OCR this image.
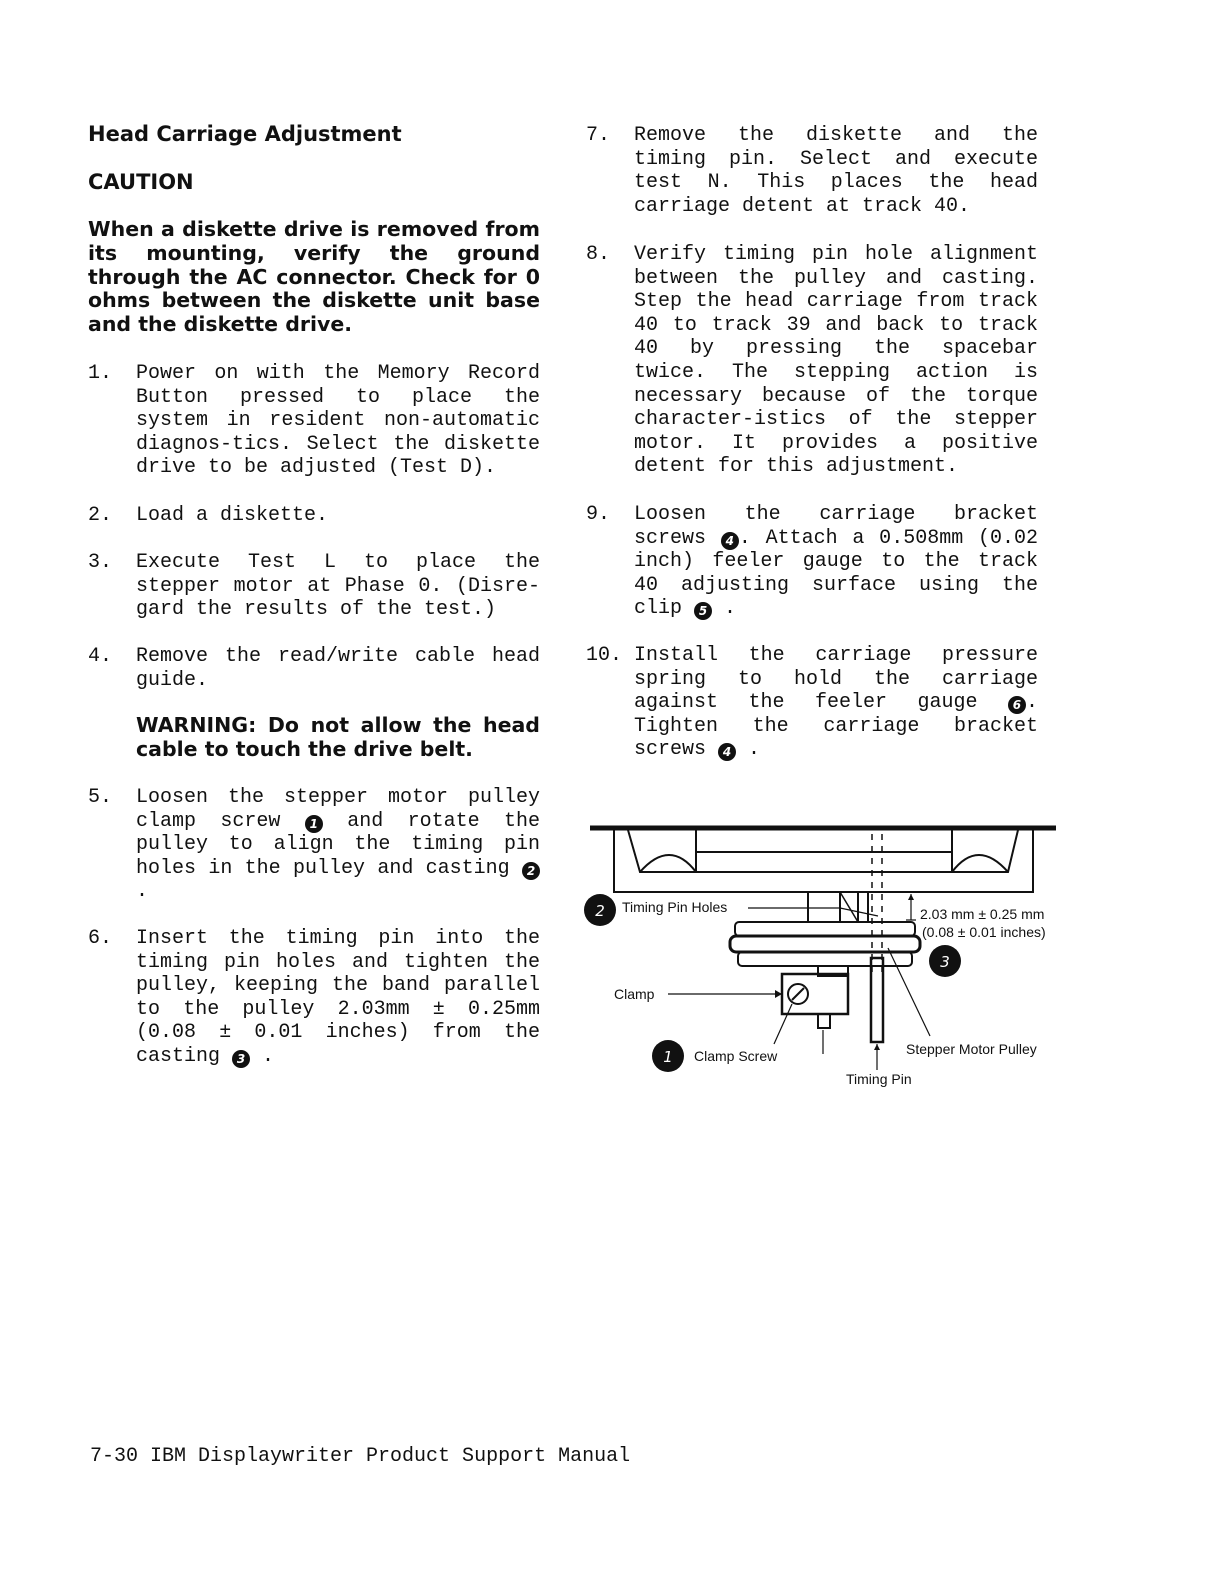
Head Carriage Adjustment
CAUTION
When a diskette drive is removed from its mounting, verify the ground through the AC connector. Check for 0 ohms between the diskette unit base and the diskette drive.
1. Power on with the Memory Record Button pressed to place the system in resident non-automatic diagnos-tics. Select the diskette drive to be adjusted (Test D).
2. Load a diskette.
3. Execute Test L to place the stepper motor at Phase 0. (Disre-gard the results of the test.)
4. Remove the read/write cable head guide.
WARNING: Do not allow the head cable to touch the drive belt.
5. Loosen the stepper motor pulley clamp screw 1 and rotate the pulley to align the timing pin holes in the pulley and casting 2.
6. Insert the timing pin into the timing pin holes and tighten the pulley, keeping the band parallel to the pulley 2.03mm ± 0.25mm (0.08 ± 0.01 inches) from the casting 3 .
7. Remove the diskette and the timing pin. Select and execute test N. This places the head carriage detent at track 40.
8. Verify timing pin hole alignment between the pulley and casting. Step the head carriage from track 40 to track 39 and back to track 40 by pressing the spacebar twice. The stepping action is necessary because of the torque character-istics of the stepper motor. It provides a positive detent for this adjustment.
9. Loosen the carriage bracket screws 4 . Attach a 0.508mm (0.02 inch) feeler gauge to the track 40 adjusting surface using the clip 5 .
10. Install the carriage pressure spring to hold the carriage against the feeler gauge	6 . Tighten the carriage bracket screws 4 .
2
3
1
Timing Pin Holes
Clamp
Clamp Screw
Timing Pin
Stepper Motor Pulley
2.03 mm ± 0.25 mm
(0.08 ± 0.01 inches)
7-30 IBM Displaywriter Product Support Manual
